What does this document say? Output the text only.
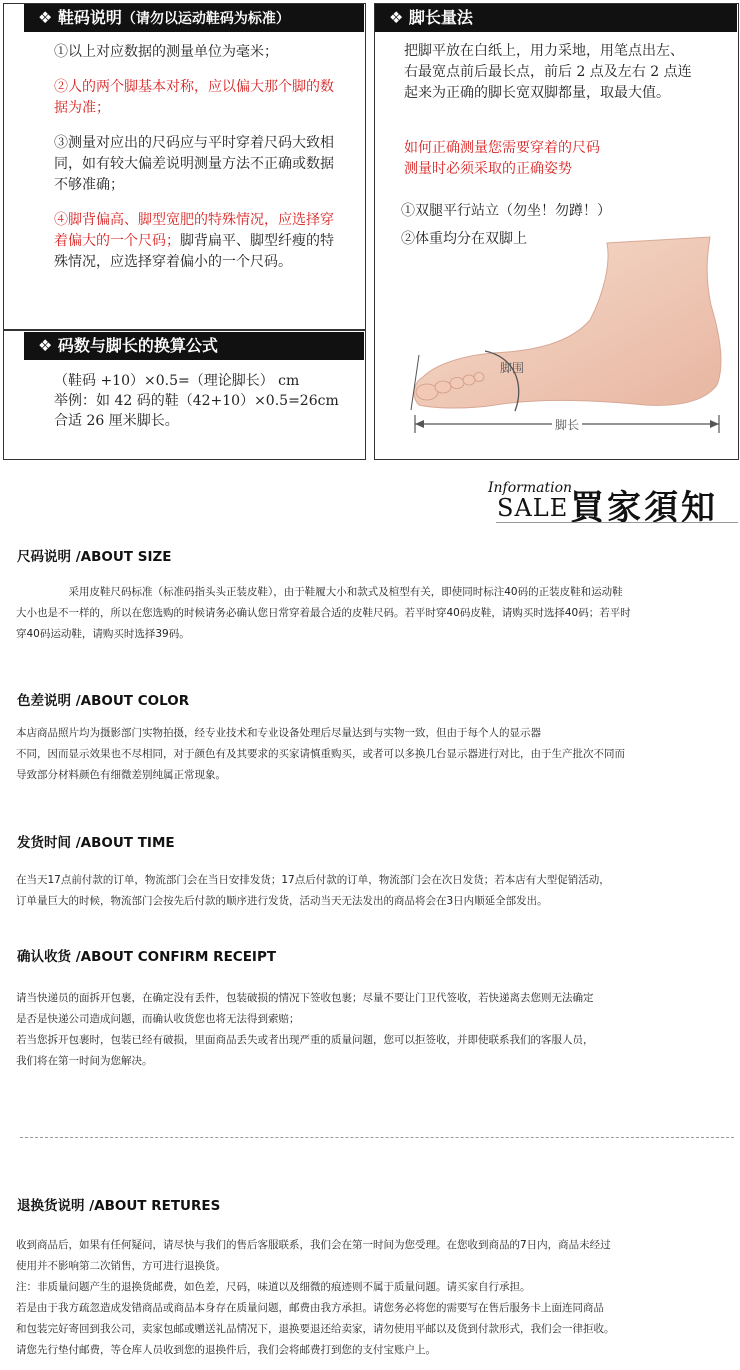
❖ 鞋码说明（请勿以运动鞋码为标准）

①以上对应数据的测量单位为毫米；

②人的两个脚基本对称，应以偏大那个脚的数据为准；

③测量对应出的尺码应与平时穿着尺码大致相同，如有较大偏差说明测量方法不正确或数据不够准确；

④脚背偏高、脚型宽肥的特殊情况，应选择穿着偏大的一个尺码；脚背扁平、脚型纤瘦的特殊情况，应选择穿着偏小的一个尺码。

❖ 码数与脚长的换算公式
（鞋码 +10）×0.5=（理论脚长） cm
举例：如 42 码的鞋（42+10）×0.5=26cm
合适 26 厘米脚长。
❖ 脚长量法
把脚平放在白纸上，用力采地，用笔点出左、右最宽点前后最长点，前后 2 点及左右 2 点连起来为正确的脚长宽双脚都量，取最大值。
如何正确测量您需要穿着的尺码
测量时必须采取的正确姿势
①双腿平行站立（勿坐！勿蹲！）
②体重均分在双脚上
脚围
脚长
Information
SALE 買家須知
尺码说明 /ABOUT SIZE

　　　　　采用皮鞋尺码标准（标准码指头头正装皮鞋），由于鞋履大小和款式及楦型有关，即使同时标注40码的正装皮鞋和运动鞋

大小也是不一样的，所以在您选购的时候请务必确认您日常穿着最合适的皮鞋尺码。若平时穿40码皮鞋，请购买时选择40码；若平时

穿40码运动鞋，请购买时选择39码。

色差说明 /ABOUT COLOR

本店商品照片均为摄影部门实物拍摄，经专业技术和专业设备处理后尽量达到与实物一致，但由于每个人的显示器

不同，因而显示效果也不尽相同，对于颜色有及其要求的买家请慎重购买，或者可以多换几台显示器进行对比，由于生产批次不同而

导致部分材料颜色有细微差别纯属正常现象。

发货时间 /ABOUT TIME

在当天17点前付款的订单，物流部门会在当日安排发货；17点后付款的订单，物流部门会在次日发货；若本店有大型促销活动，

订单量巨大的时候，物流部门会按先后付款的顺序进行发货，活动当天无法发出的商品将会在3日内顺延全部发出。

确认收货 /ABOUT CONFIRM RECEIPT

请当快递员的面拆开包裹，在确定没有丢件，包装破损的情况下签收包裹；尽量不要让门卫代签收，若快递离去您则无法确定

是否是快递公司造成问题，而确认收货您也将无法得到索赔；

若当您拆开包裹时，包装已经有破损，里面商品丢失或者出现严重的质量问题，您可以拒签收，并即使联系我们的客服人员，

我们将在第一时间为您解决。

退换货说明 /ABOUT RETURES

收到商品后，如果有任何疑问，请尽快与我们的售后客服联系，我们会在第一时间为您受理。在您收到商品的7日内，商品未经过

使用并不影响第二次销售，方可进行退换货。

注：非质量问题产生的退换货邮费，如色差，尺码，味道以及细微的痕迹则不属于质量问题。请买家自行承担。

若是由于我方疏忽造成发错商品或商品本身存在质量问题，邮费由我方承担。请您务必将您的需要写在售后服务卡上面连同商品

和包装完好寄回到我公司，卖家包邮或赠送礼品情况下，退换要退还给卖家，请勿使用平邮以及货到付款形式，我们会一律拒收。

请您先行垫付邮费，等仓库人员收到您的退换件后，我们会将邮费打到您的支付宝账户上。
